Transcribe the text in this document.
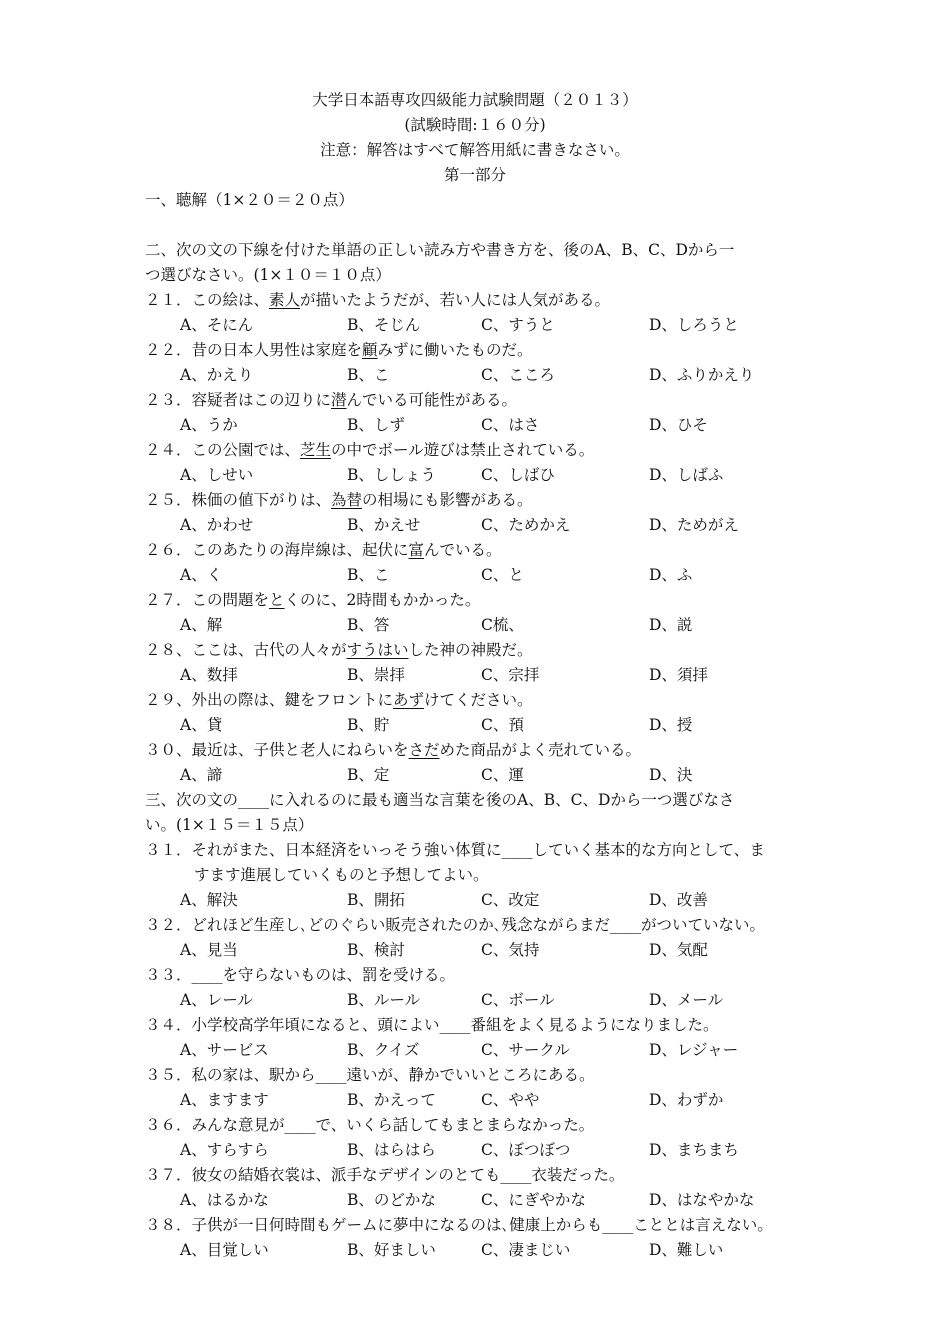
大学日本語専攻四級能力試験問題（２０１３）
(試験時間:１６０分)
注意：解答はすべて解答用紙に書きなさい。
第一部分
一、聴解（1×２０＝２０点）
二、次の文の下線を付けた単語の正しい読み方や書き方を、後のA、B、C、Dから一
つ選びなさい。(1×１０＝１０点）
２１．この絵は、素人が描いたようだが、若い人には人気がある。
A、そにん	B、そじん	C、すうと	D、しろうと
２２．昔の日本人男性は家庭を顧みずに働いたものだ。
A、かえり	B、こ	C、こころ	D、ふりかえり
２３．容疑者はこの辺りに潜んでいる可能性がある。
A、うか	B、しず	C、はさ	D、ひそ
２４．この公園では、芝生の中でボール遊びは禁止されている。
A、しせい	B、ししょう	C、しばひ	D、しばふ
２５．株価の値下がりは、為替の相場にも影響がある。
A、かわせ	B、かえせ	C、ためかえ	D、ためがえ
２６．このあたりの海岸線は、起伏に富んでいる。
A、く	B、こ	C、と	D、ふ
２７．この問題をとくのに、2時間もかかった。
A、解	B、答	C梳、	D、説
２８、ここは、古代の人々がすうはいした神の神殿だ。
A、数拝	B、崇拝	C、宗拝	D、須拝
２９、外出の際は、鍵をフロントにあずけてください。
A、貸	B、貯	C、預	D、授
３０、最近は、子供と老人にねらいをさだめた商品がよく売れている。
A、諦	B、定	C、運	D、決
三、次の文の____に入れるのに最も適当な言葉を後のA、B、C、Dから一つ選びなさ
い。(1×１５＝１５点）
３１．それがまた、日本経済をいっそう強い体質に____していく基本的な方向として、ま
すます進展していくものと予想してよい。
A、解決	B、開拓	C、改定	D、改善
３２．どれほど生産し､どのぐらい販売されたのか､残念ながらまだ____がついていない。
A、見当	B、検討	C、気持	D、気配
３３．____を守らないものは、罰を受ける。
A、レール	B、ルール	C、ボール	D、メール
３４．小学校高学年頃になると、頭によい____番組をよく見るようになりました。
A、サービス	B、クイズ	C、サークル	D、レジャー
３５．私の家は、駅から____遠いが、静かでいいところにある。
A、ますます	B、かえって	C、やや	D、わずか
３６．みんな意見が____で、いくら話してもまとまらなかった。
A、すらすら	B、はらはら	C、ぼつぼつ	D、まちまち
３７．彼女の結婚衣裳は、派手なデザインのとても____衣装だった。
A、はるかな	B、のどかな	C、にぎやかな	D、はなやかな
３８．子供が一日何時間もゲームに夢中になるのは､健康上からも____こととは言えない。
A、目覚しい	B、好ましい	C、凄まじい	D、難しい
